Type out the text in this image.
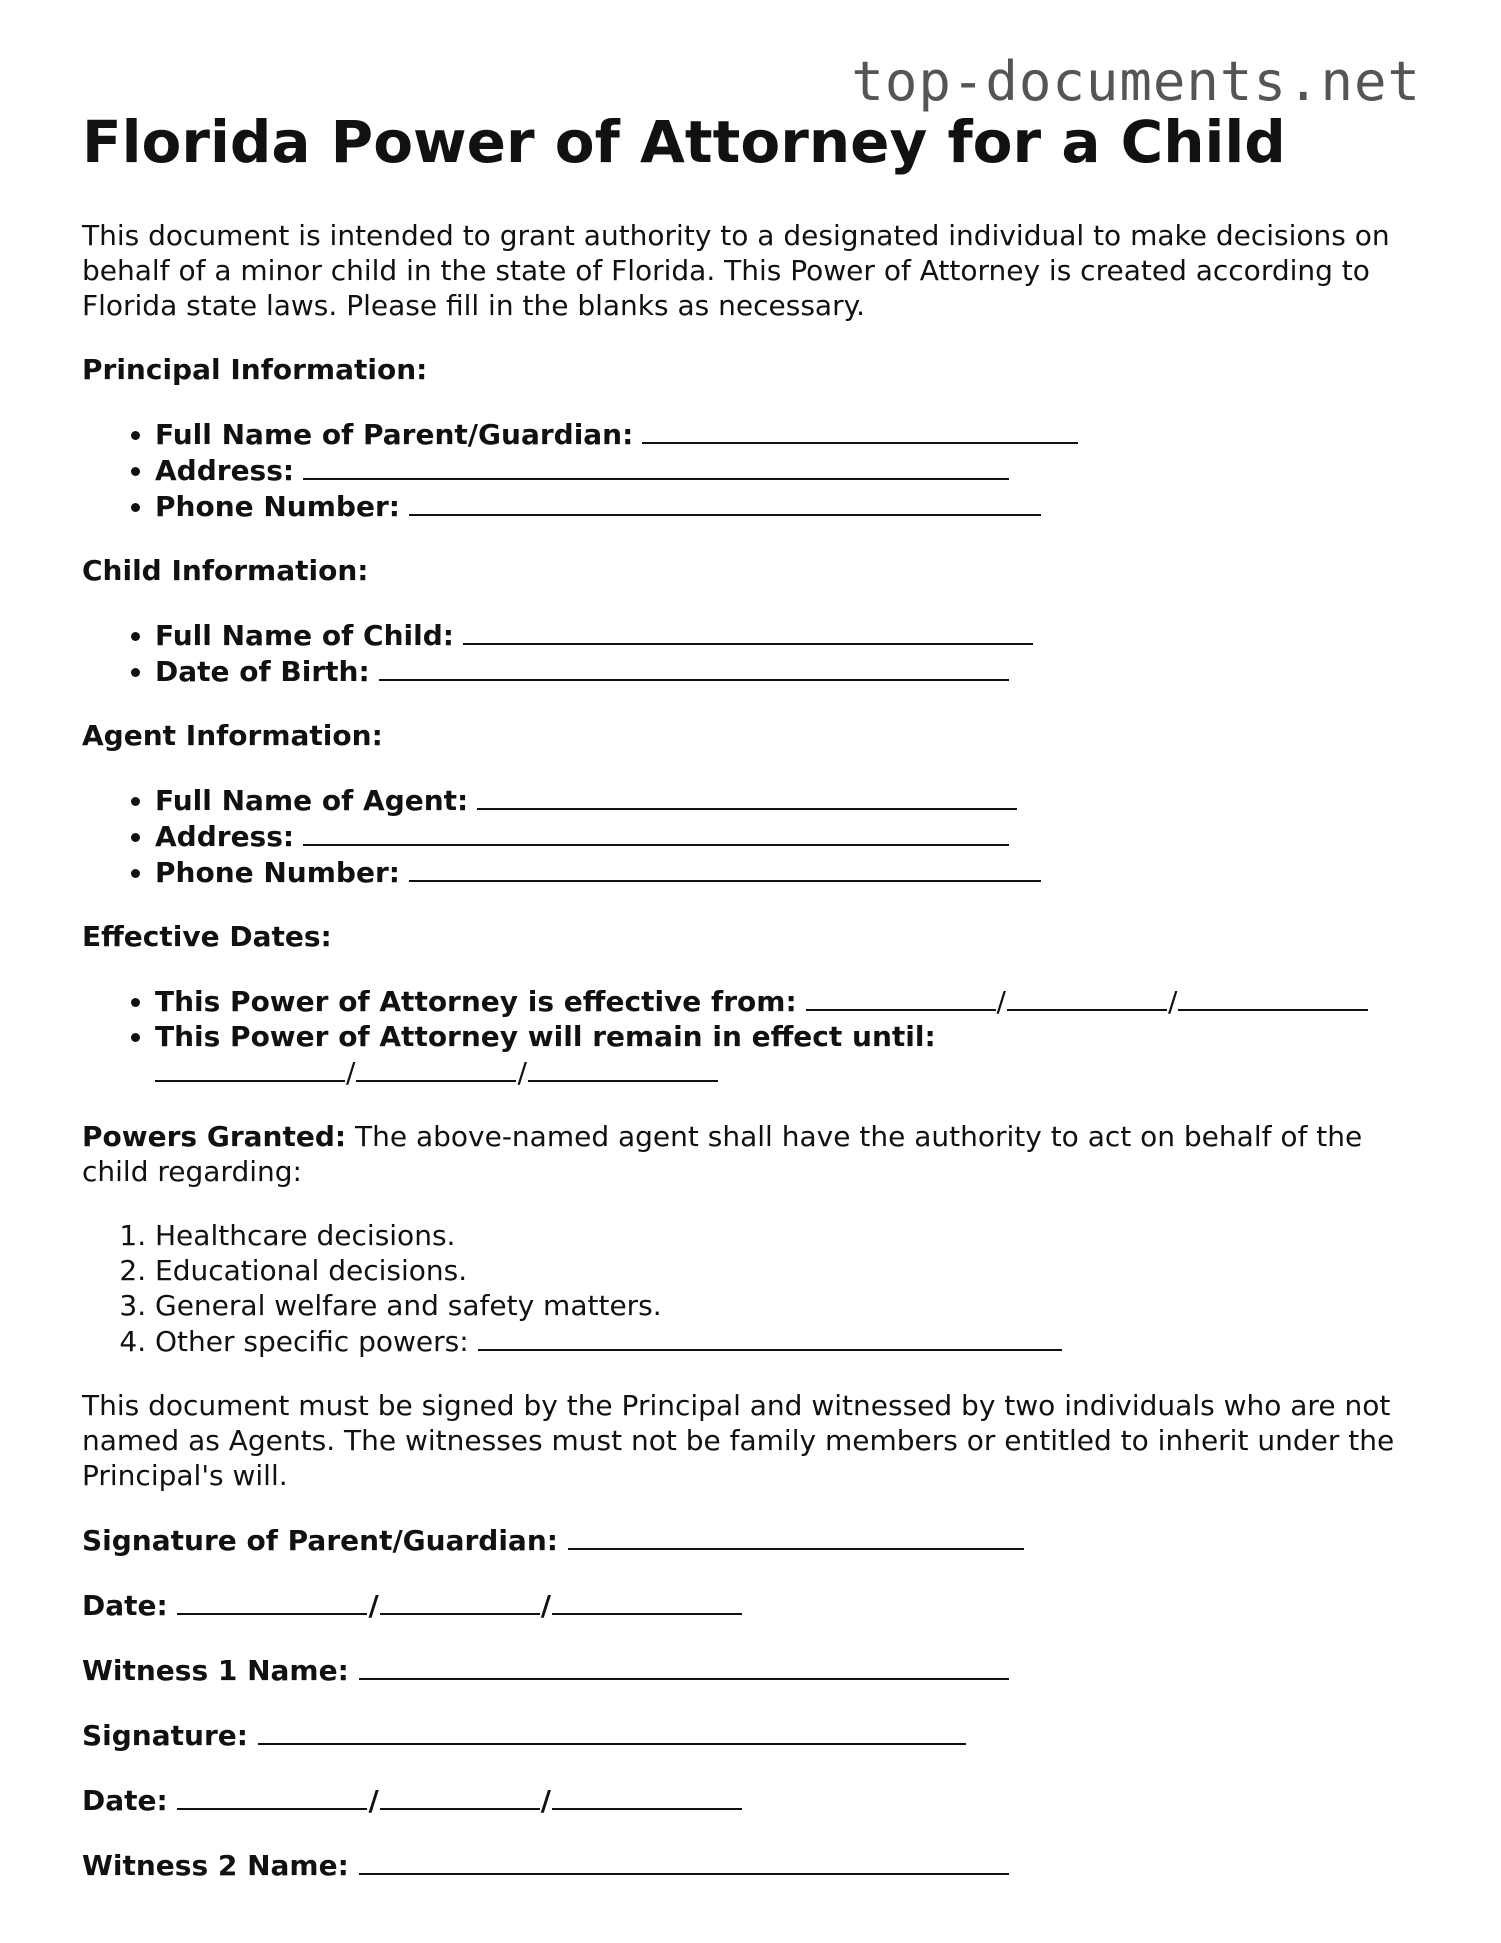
top-documents.net
Florida Power of Attorney for a Child

This document is intended to grant authority to a designated individual to make decisions on behalf of a minor child in the state of Florida. This Power of Attorney is created according to Florida state laws. Please fill in the blanks as necessary.

Principal Information:

• Full Name of Parent/Guardian:
• Address:
• Phone Number:

Child Information:

• Full Name of Child:
• Date of Birth:

Agent Information:

• Full Name of Agent:
• Address:
• Phone Number:

Effective Dates:

• This Power of Attorney is effective from:	/	/
• This Power of Attorney will remain in effect until:
/	/

Powers Granted: The above-named agent shall have the authority to act on behalf of the child regarding:

1. Healthcare decisions.
2. Educational decisions.
3. General welfare and safety matters.
4. Other specific powers:

This document must be signed by the Principal and witnessed by two individuals who are not named as Agents. The witnesses must not be family members or entitled to inherit under the Principal's will.

Signature of Parent/Guardian:

Date:	/	/

Witness 1 Name:

Signature:

Date:	/	/

Witness 2 Name:
